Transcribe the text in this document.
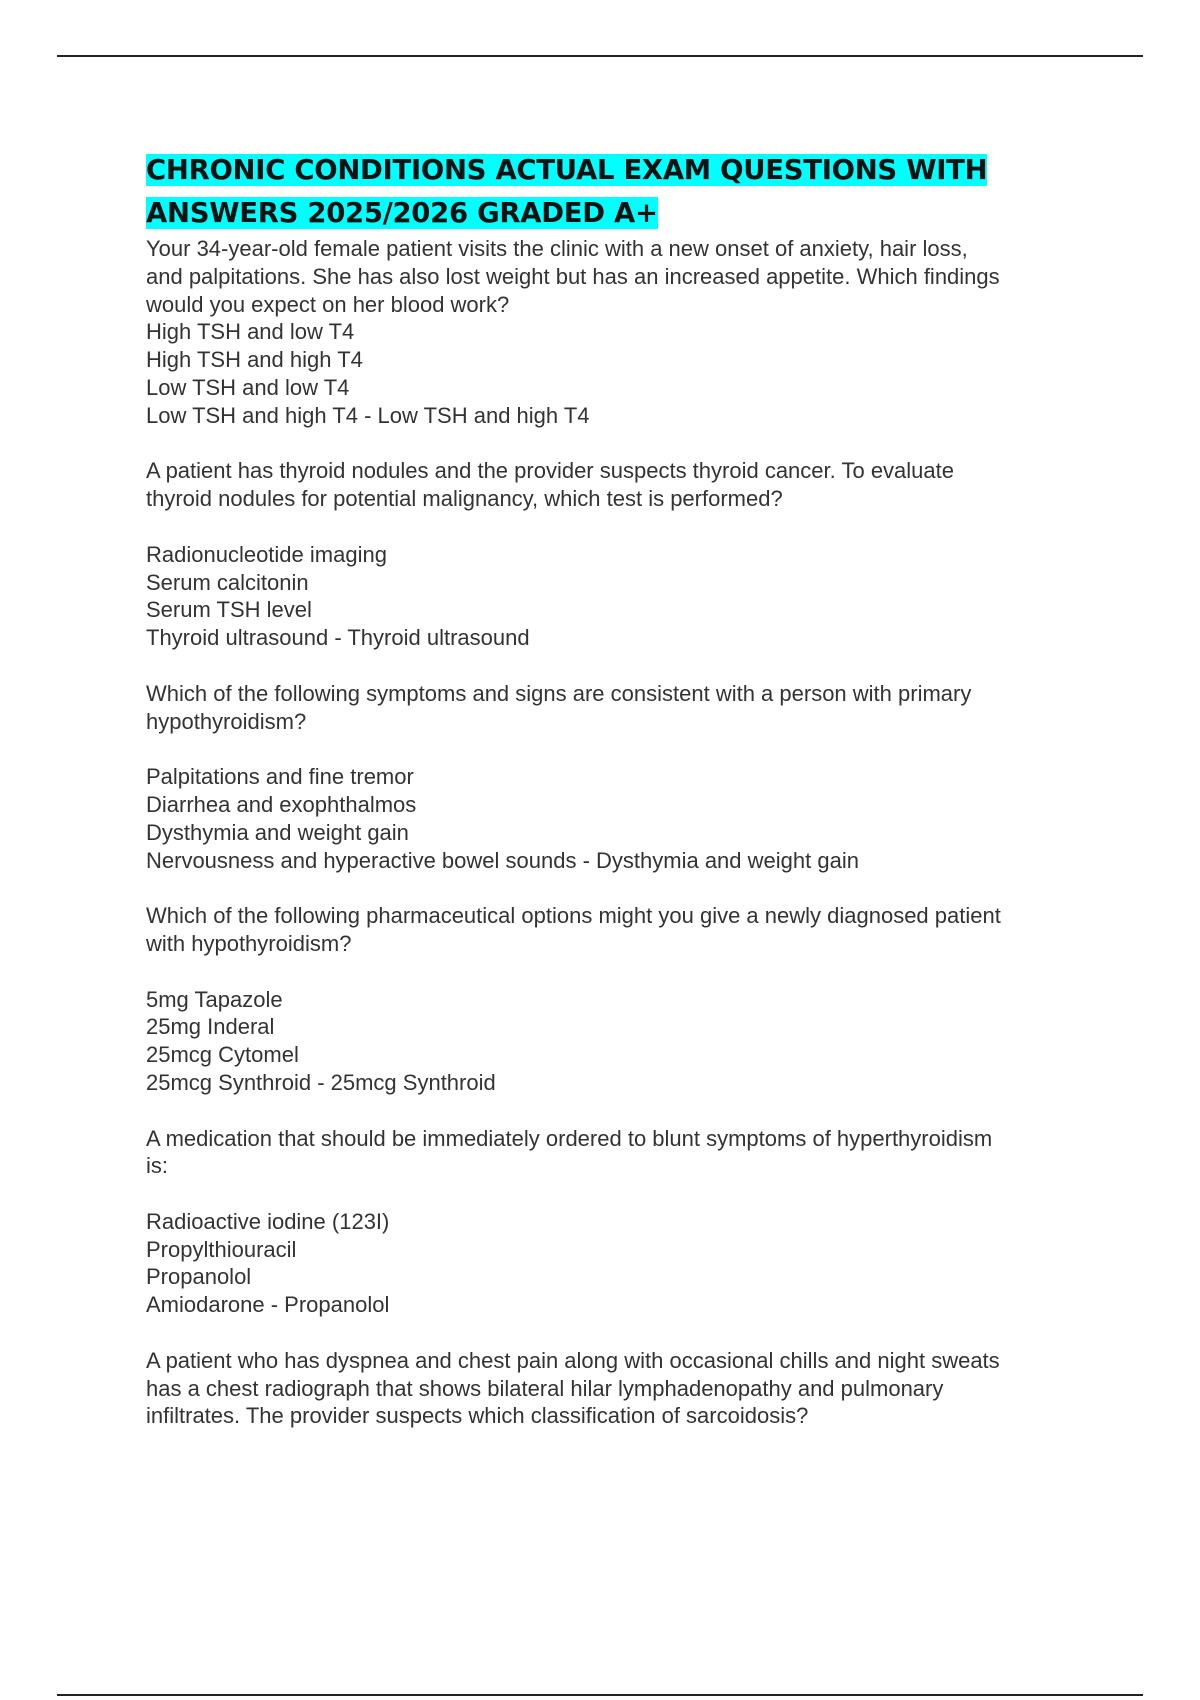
CHRONIC CONDITIONS ACTUAL EXAM QUESTIONS WITH
ANSWERS 2025/2026 GRADED A+
Your 34-year-old female patient visits the clinic with a new onset of anxiety, hair loss,
and palpitations. She has also lost weight but has an increased appetite. Which findings
would you expect on her blood work?
High TSH and low T4
High TSH and high T4
Low TSH and low T4
Low TSH and high T4 - Low TSH and high T4
A patient has thyroid nodules and the provider suspects thyroid cancer. To evaluate
thyroid nodules for potential malignancy, which test is performed?
Radionucleotide imaging
Serum calcitonin
Serum TSH level
Thyroid ultrasound - Thyroid ultrasound
Which of the following symptoms and signs are consistent with a person with primary
hypothyroidism?
Palpitations and fine tremor
Diarrhea and exophthalmos
Dysthymia and weight gain
Nervousness and hyperactive bowel sounds - Dysthymia and weight gain
Which of the following pharmaceutical options might you give a newly diagnosed patient
with hypothyroidism?
5mg Tapazole
25mg Inderal
25mcg Cytomel
25mcg Synthroid - 25mcg Synthroid
A medication that should be immediately ordered to blunt symptoms of hyperthyroidism
is:
Radioactive iodine (123I)
Propylthiouracil
Propanolol
Amiodarone - Propanolol
A patient who has dyspnea and chest pain along with occasional chills and night sweats
has a chest radiograph that shows bilateral hilar lymphadenopathy and pulmonary
infiltrates. The provider suspects which classification of sarcoidosis?
